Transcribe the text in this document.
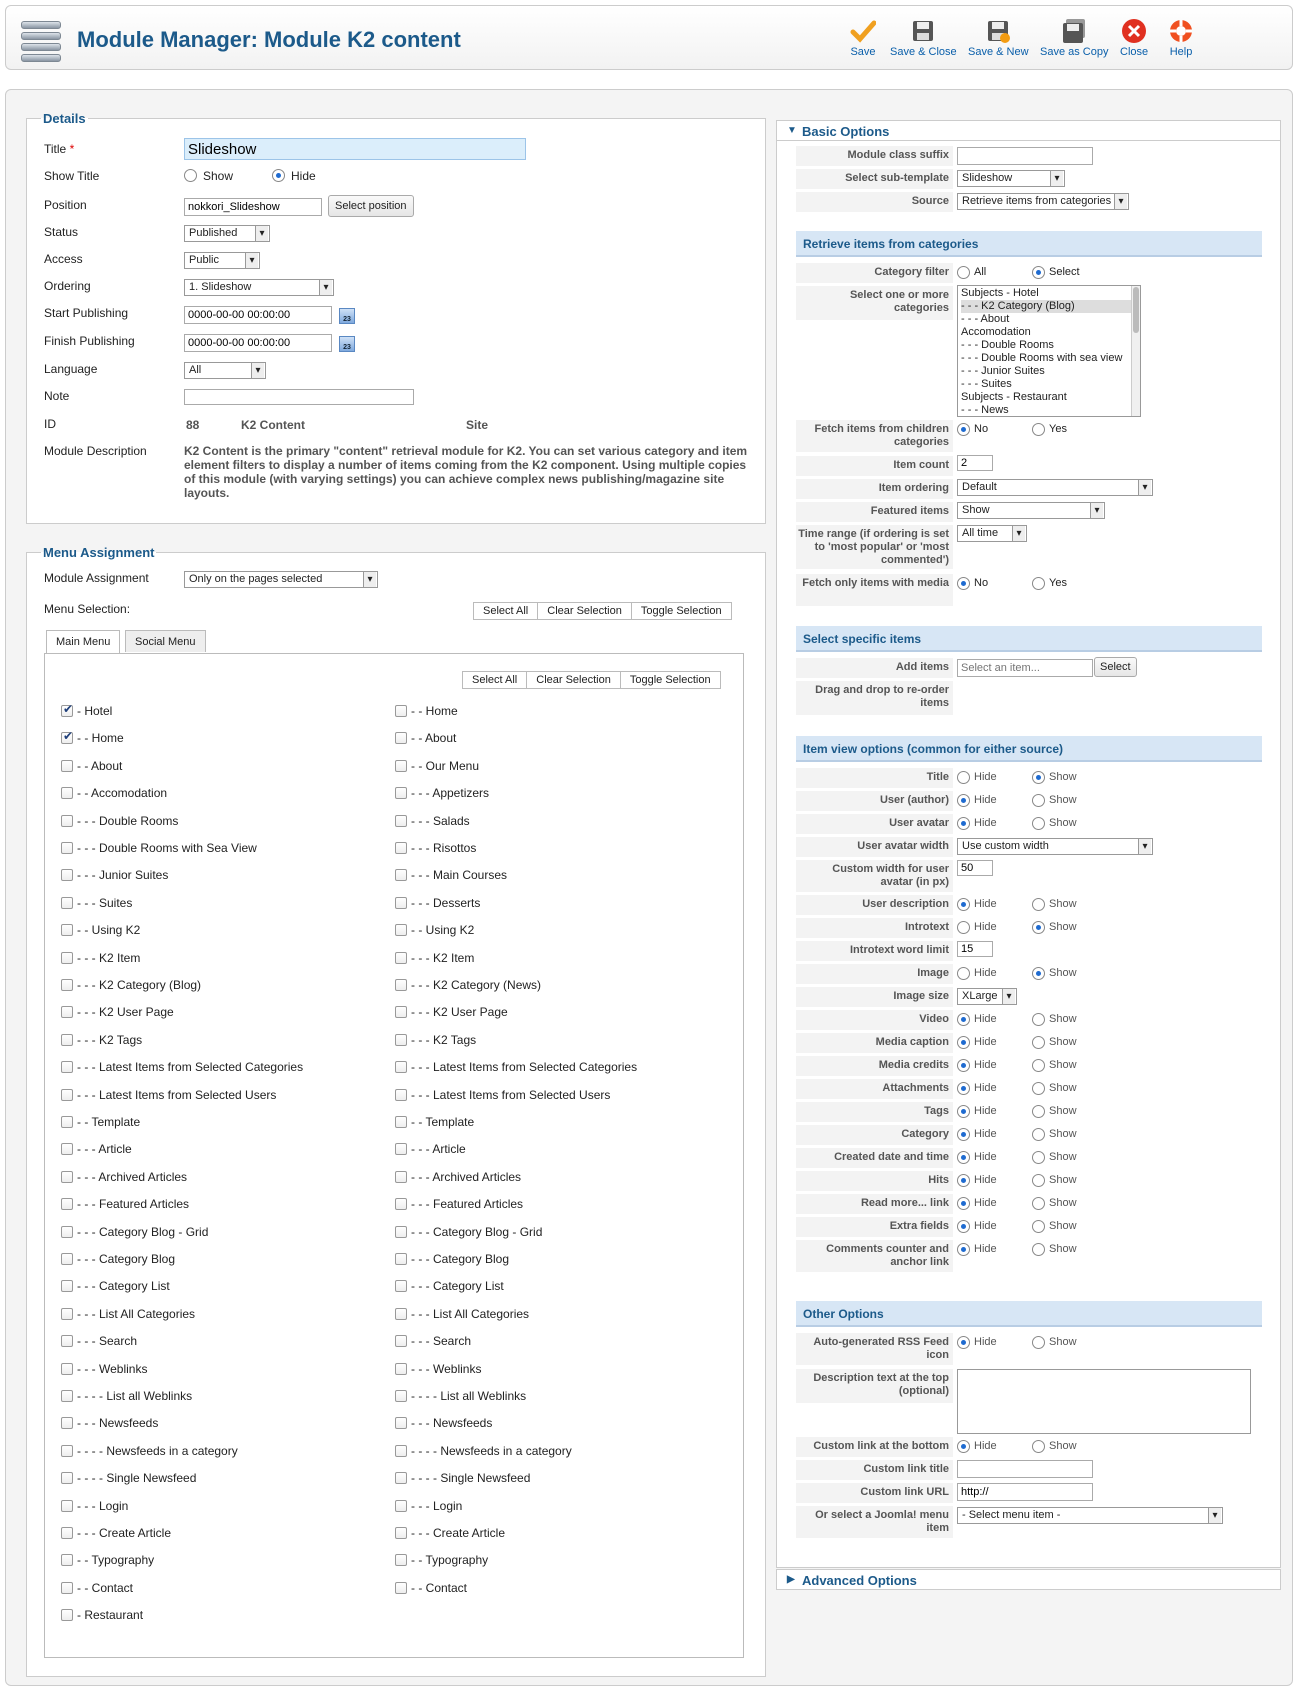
Module Manager: Module K2 content	Save Save & Close Save & New Save as Copy Close Help
Details
Title *
Slideshow
Show Title	Show	Hide
Position
nokkori_Slideshow	Select position
Status	Published ▾
Access	Public ▾
Ordering	1. Slideshow ▾
Start Publishing
0000-00-00 00:00:00	23
Finish Publishing
0000-00-00 00:00:00	23
Language	All ▾
Note
ID	88	K2 Content	Site
Module Description	K2 Content is the primary "content" retrieval module for K2. You can set various category and item element filters to display a number of items coming from the K2 component. Using multiple copies of this module (with varying settings) you can achieve complex news publishing/magazine site layouts.
Menu Assignment
Module Assignment	Only on the pages selected ▾
Menu Selection:	Select All	Clear Selection	Toggle Selection
Main Menu	Social Menu
Select All	Clear Selection	Toggle Selection
✔- Hotel
✔- - Home
- - About
- - Accomodation
- - - Double Rooms
- - - Double Rooms with Sea View
- - - Junior Suites
- - - Suites
- - Using K2
- - - K2 Item
- - - K2 Category (Blog)
- - - K2 User Page
- - - K2 Tags
- - - Latest Items from Selected Categories
- - - Latest Items from Selected Users
- - Template
- - - Article
- - - Archived Articles
- - - Featured Articles
- - - Category Blog - Grid
- - - Category Blog
- - - Category List
- - - List All Categories
- - - Search
- - - Weblinks
- - - - List all Weblinks
- - - Newsfeeds
- - - - Newsfeeds in a category
- - - - Single Newsfeed
- - - Login
- - - Create Article
- - Typography
- - Contact
- Restaurant
- - Home
- - About
- - Our Menu
- - - Appetizers
- - - Salads
- - - Risottos
- - - Main Courses
- - - Desserts
- - Using K2
- - - K2 Item
- - - K2 Category (News)
- - - K2 User Page
- - - K2 Tags
- - - Latest Items from Selected Categories
- - - Latest Items from Selected Users
- - Template
- - - Article
- - - Archived Articles
- - - Featured Articles
- - - Category Blog - Grid
- - - Category Blog
- - - Category List
- - - List All Categories
- - - Search
- - - Weblinks
- - - - List all Weblinks
- - - Newsfeeds
- - - - Newsfeeds in a category
- - - - Single Newsfeed
- - - Login
- - - Create Article
- - Typography
- - Contact
▼ Basic Options
Module class suffix
Select sub-template	Slideshow ▾
Source	Retrieve items from categories ▾
Retrieve items from categories
Category filter	All	Select
Select one or more categories
Subjects - Hotel
- - - K2 Category (Blog)
- - - About
Accomodation
- - - Double Rooms
- - - Double Rooms with sea view
- - - Junior Suites
- - - Suites
Subjects - Restaurant
- - - News
Fetch items from children categories
No	Yes
Item count
2
Item ordering	Default ▾
Featured items	Show ▾
Time range (if ordering is set to 'most popular' or 'most commented')
All time ▾
Fetch only items with media	No	Yes
Select specific items
Add items
Select an item...	Select
Drag and drop to re-order items
Item view options (common for either source)
Title	Hide	Show
User (author)	Hide	Show
User avatar	Hide	Show
User avatar width	Use custom width ▾
Custom width for user avatar (in px)
50
User description	Hide	Show
Introtext	Hide	Show
Introtext word limit
15
Image	Hide	Show
Image size	XLarge ▾
Video	Hide	Show
Media caption	Hide	Show
Media credits	Hide	Show
Attachments	Hide	Show
Tags	Hide	Show
Category	Hide	Show
Created date and time	Hide	Show
Hits	Hide	Show
Read more... link	Hide	Show
Extra fields	Hide	Show
Comments counter and anchor link
Hide	Show
Other Options
Auto-generated RSS Feed icon
Hide	Show
Description text at the top (optional)
Custom link at the bottom	Hide	Show
Custom link title
Custom link URL
http://
Or select a Joomla! menu item
- Select menu item - ▾
▶ Advanced Options
